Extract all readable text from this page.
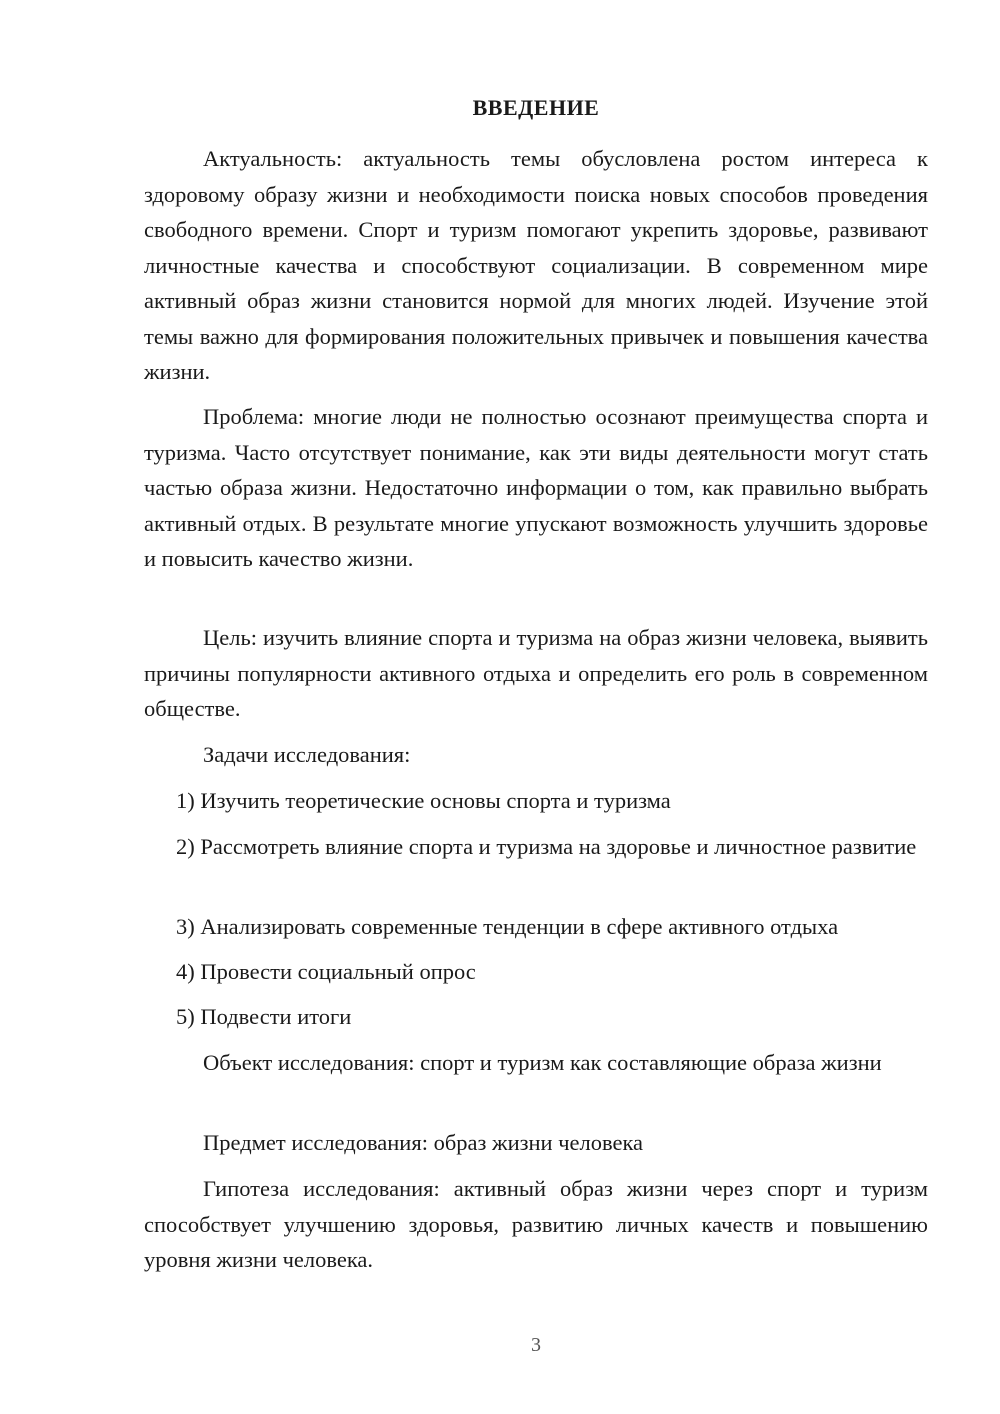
ВВЕДЕНИЕ

Актуальность: актуальность темы обусловлена ростом интереса к здоровому образу жизни и необходимости поиска новых способов проведения свободного времени. Спорт и туризм помогают укрепить здоровье, развивают личностные качества и способствуют социализации. В современном мире активный образ жизни становится нормой для многих людей. Изучение этой темы важно для формирования положительных привычек и повышения качества жизни.

Проблема: многие люди не полностью осознают преимущества спорта и туризма. Часто отсутствует понимание, как эти виды деятельности могут стать частью образа жизни. Недостаточно информации о том, как правильно выбрать активный отдых. В результате многие упускают возможность улучшить здоровье и повысить качество жизни.

Цель: изучить влияние спорта и туризма на образ жизни человека, выявить причины популярности активного отдыха и определить его роль в современном обществе.

Задачи исследования:

1) Изучить теоретические основы спорта и туризма

2) Рассмотреть влияние спорта и туризма на здоровье и личностное развитие

3) Анализировать современные тенденции в сфере активного отдыха

4) Провести социальный опрос

5) Подвести итоги

Объект исследования: спорт и туризм как составляющие образа жизни

Предмет исследования: образ жизни человека

Гипотеза исследования: активный образ жизни через спорт и туризм способствует улучшению здоровья, развитию личных качеств и повышению уровня жизни человека.

3
